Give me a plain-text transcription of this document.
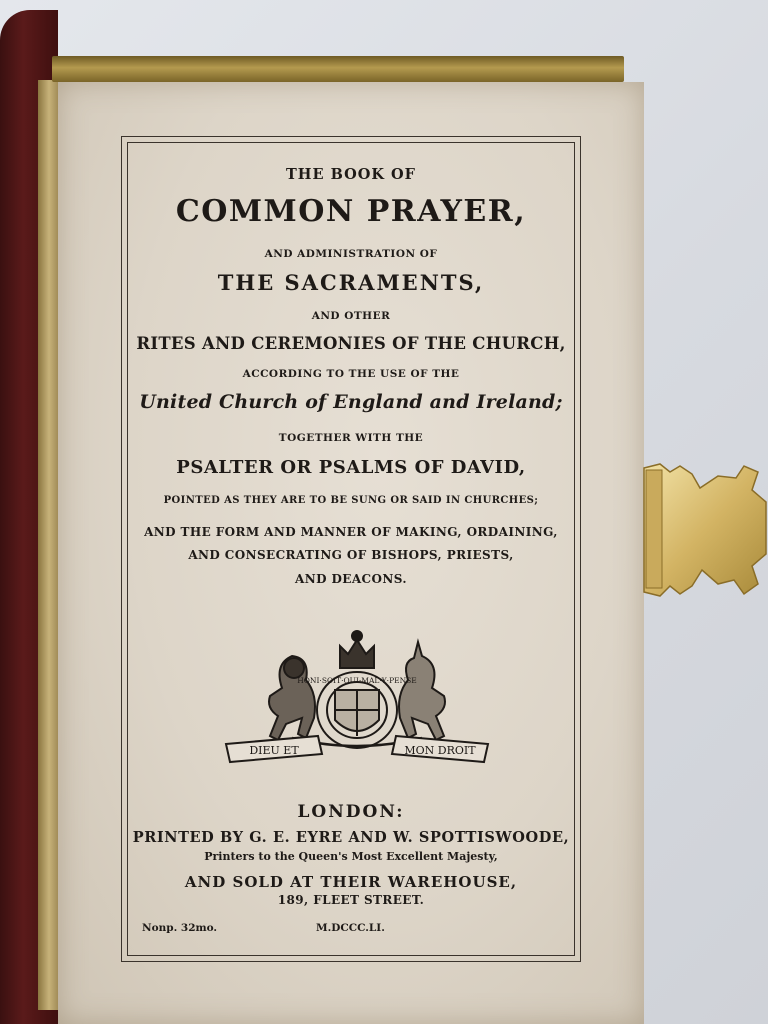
THE BOOK OF
COMMON PRAYER,
AND ADMINISTRATION OF
THE SACRAMENTS,
AND OTHER
RITES AND CEREMONIES OF THE CHURCH,
ACCORDING TO THE USE OF THE
United Church of England and Ireland;
TOGETHER WITH THE
PSALTER OR PSALMS OF DAVID,
POINTED AS THEY ARE TO BE SUNG OR SAID IN CHURCHES;
AND THE FORM AND MANNER OF MAKING, ORDAINING,
AND CONSECRATING OF BISHOPS, PRIESTS,
AND DEACONS.
HONI·SOIT·QUI·MAL·Y·PENSE
DIEU ET	MON DROIT
LONDON:
PRINTED BY G. E. EYRE AND W. SPOTTISWOODE,
Printers to the Queen's Most Excellent Majesty,
AND SOLD AT THEIR WAREHOUSE,
189, FLEET STREET.
Nonp. 32mo.	M.DCCC.LI.
